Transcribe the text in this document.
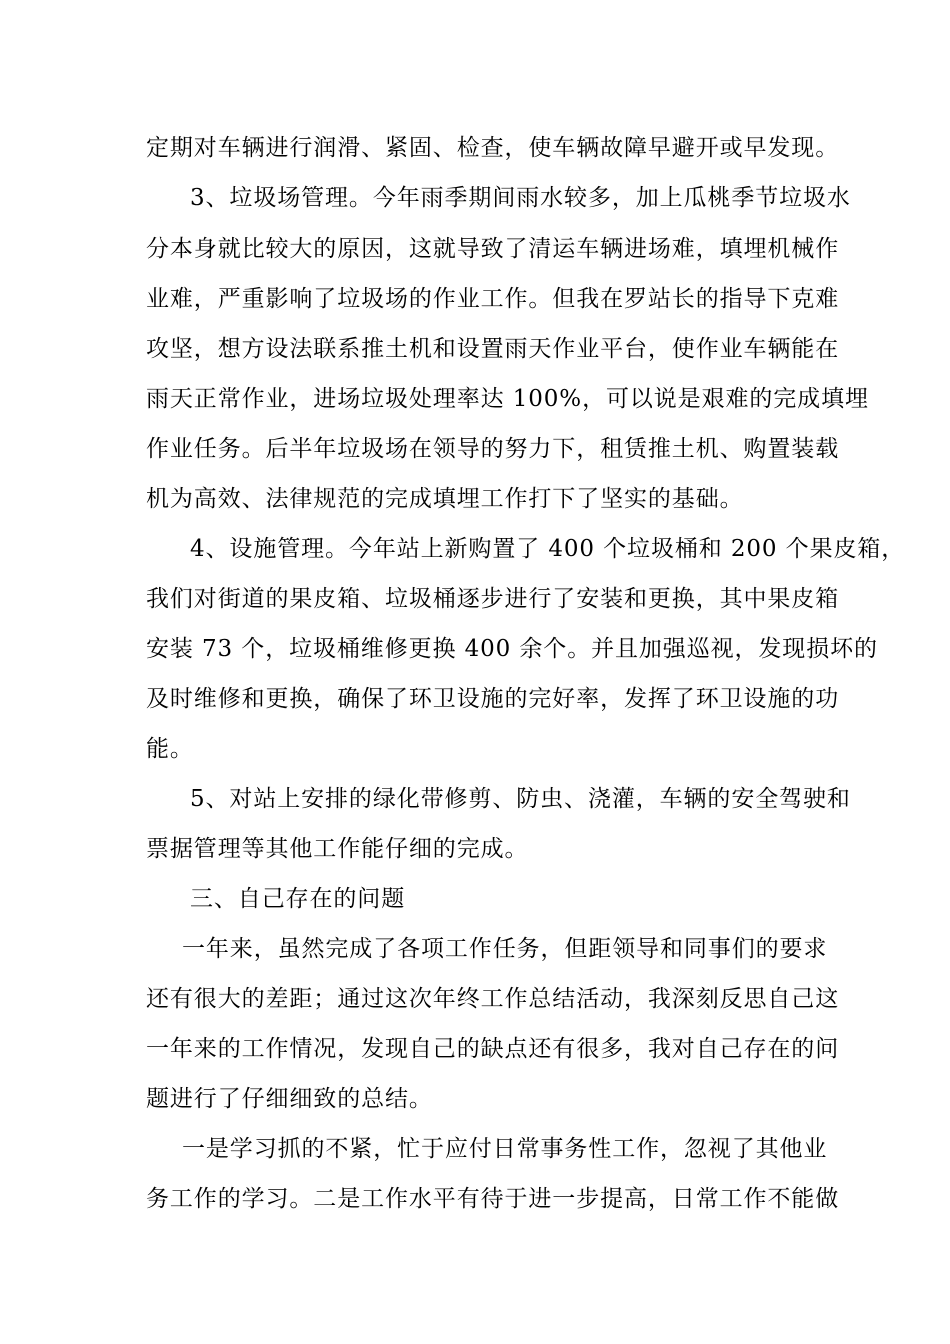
定期对车辆进行润滑、紧固、检查，使车辆故障早避开或早发现。
3、垃圾场管理。今年雨季期间雨水较多，加上瓜桃季节垃圾水
分本身就比较大的原因，这就导致了清运车辆进场难，填埋机械作
业难，严重影响了垃圾场的作业工作。但我在罗站长的指导下克难
攻坚，想方设法联系推土机和设置雨天作业平台，使作业车辆能在
雨天正常作业，进场垃圾处理率达 100%，可以说是艰难的完成填埋
作业任务。后半年垃圾场在领导的努力下，租赁推土机、购置装载
机为高效、法律规范的完成填埋工作打下了坚实的基础。
4、设施管理。今年站上新购置了 400 个垃圾桶和 200 个果皮箱，
我们对街道的果皮箱、垃圾桶逐步进行了安装和更换，其中果皮箱
安装 73 个，垃圾桶维修更换 400 余个。并且加强巡视，发现损坏的
及时维修和更换，确保了环卫设施的完好率，发挥了环卫设施的功
能。
5、对站上安排的绿化带修剪、防虫、浇灌，车辆的安全驾驶和
票据管理等其他工作能仔细的完成。
三、自己存在的问题
一年来，虽然完成了各项工作任务，但距领导和同事们的要求
还有很大的差距；通过这次年终工作总结活动，我深刻反思自己这
一年来的工作情况，发现自己的缺点还有很多，我对自己存在的问
题进行了仔细细致的总结。
一是学习抓的不紧，忙于应付日常事务性工作，忽视了其他业
务工作的学习。二是工作水平有待于进一步提高，日常工作不能做
